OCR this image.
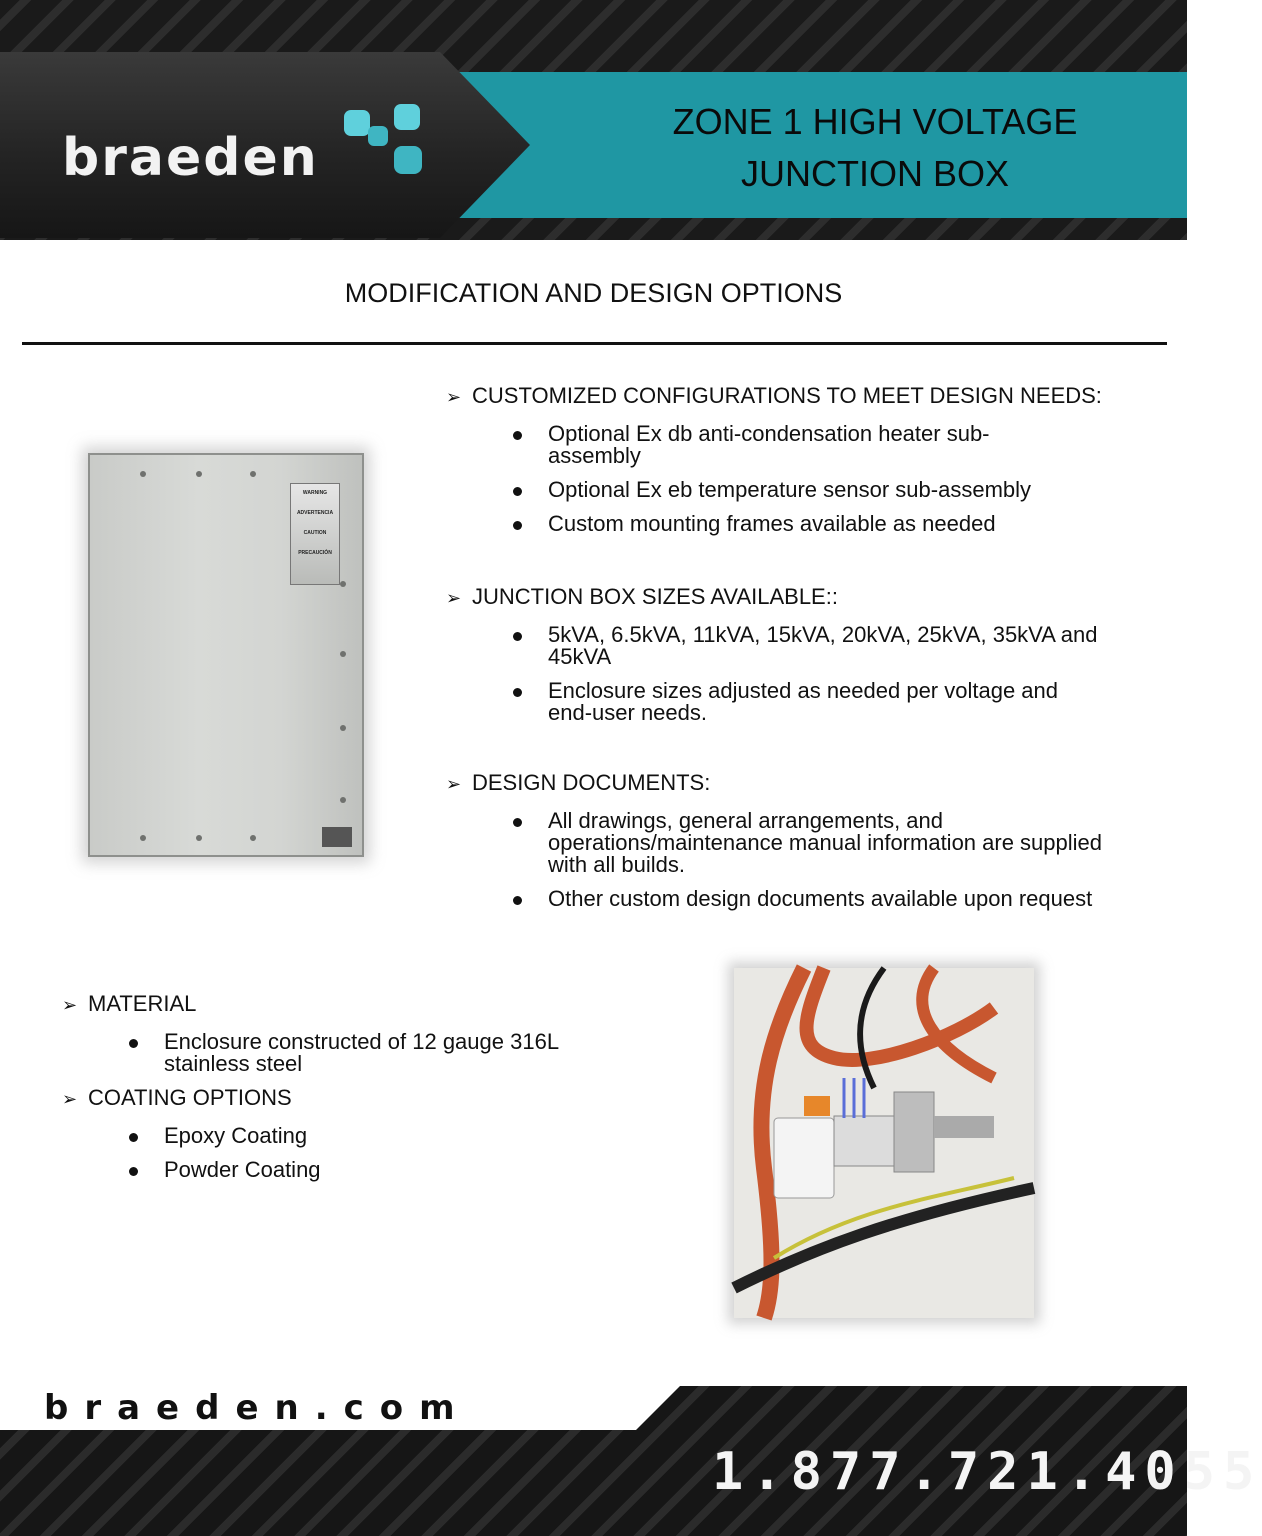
braeden
ZONE 1 HIGH VOLTAGE
JUNCTION BOX
MODIFICATION AND DESIGN OPTIONS
➢ CUSTOMIZED CONFIGURATIONS TO MEET DESIGN NEEDS:
Optional Ex db anti-condensation heater sub-assembly
Optional Ex eb temperature sensor sub-assembly
Custom mounting frames available as needed
➢ JUNCTION BOX SIZES AVAILABLE::
5kVA, 6.5kVA, 11kVA, 15kVA, 20kVA, 25kVA, 35kVA and 45kVA
Enclosure sizes adjusted as needed per voltage and end-user needs.
➢ DESIGN DOCUMENTS:
All drawings, general arrangements, and operations/maintenance manual information are supplied with all builds.
Other custom design documents available upon request
➢ MATERIAL
Enclosure constructed of 12 gauge 316L stainless steel
➢ COATING OPTIONS
Epoxy Coating
Powder Coating
WARNING
ADVERTENCIA
CAUTION
PRECAUCIÓN
braeden.com
1.877.721.4055
